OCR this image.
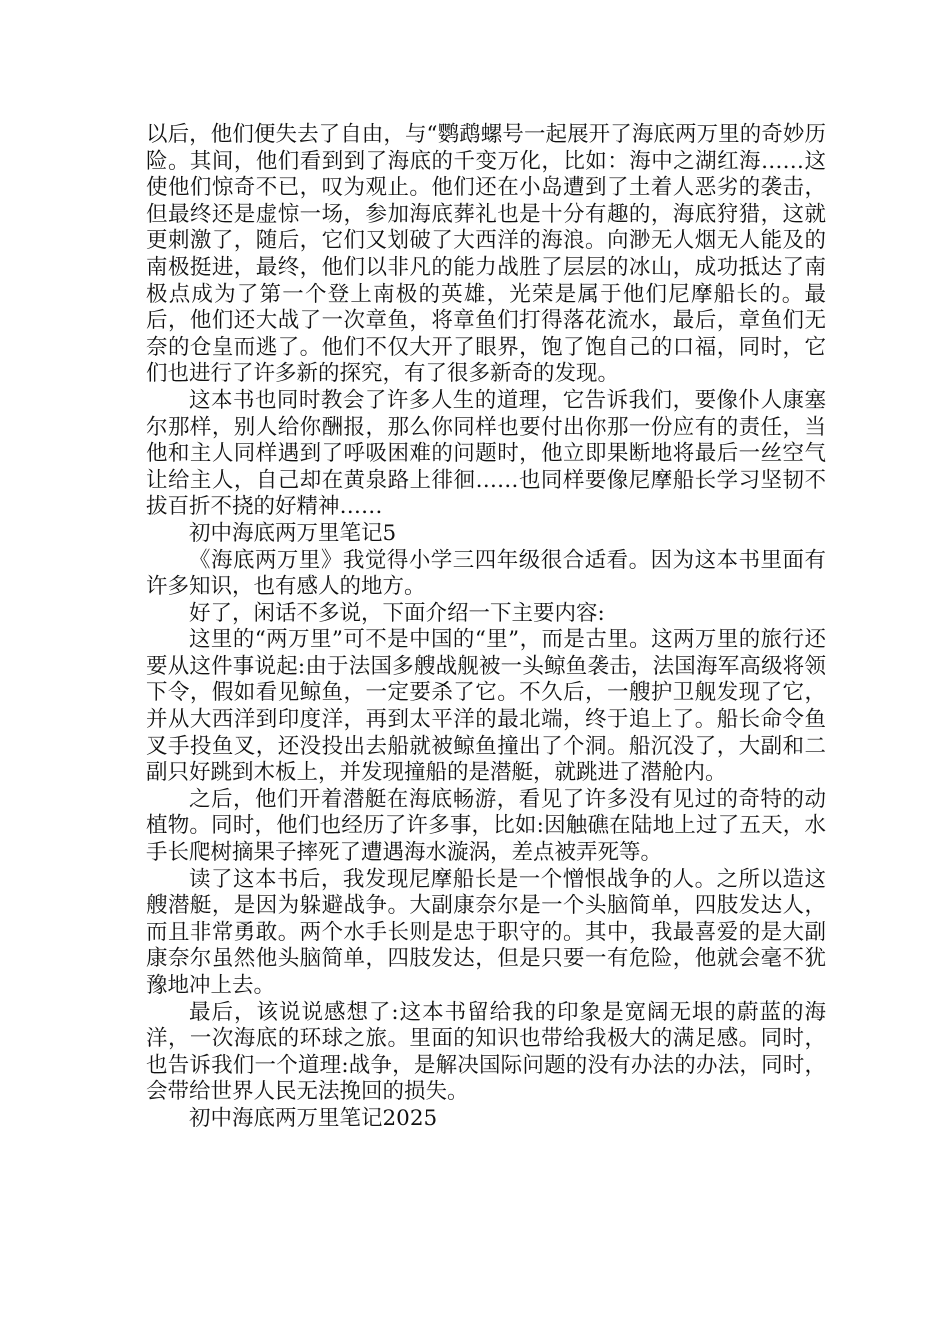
以后，他们便失去了自由，与“鹦鹉螺号一起展开了海底两万里的奇妙历险。其间，他们看到到了海底的千变万化，比如：海中之湖红海……这使他们惊奇不已，叹为观止。他们还在小岛遭到了土着人恶劣的袭击，但最终还是虚惊一场，参加海底葬礼也是十分有趣的，海底狩猎，这就更刺激了，随后，它们又划破了大西洋的海浪。向渺无人烟无人能及的南极挺进，最终，他们以非凡的能力战胜了层层的冰山，成功抵达了南极点成为了第一个登上南极的英雄，光荣是属于他们尼摩船长的。最后，他们还大战了一次章鱼，将章鱼们打得落花流水，最后，章鱼们无奈的仓皇而逃了。他们不仅大开了眼界，饱了饱自己的口福，同时，它们也进行了许多新的探究，有了很多新奇的发现。

这本书也同时教会了许多人生的道理，它告诉我们，要像仆人康塞尔那样，别人给你酬报，那么你同样也要付出你那一份应有的责任，当他和主人同样遇到了呼吸困难的问题时，他立即果断地将最后一丝空气让给主人，自己却在黄泉路上徘徊……也同样要像尼摩船长学习坚韧不拔百折不挠的好精神……

初中海底两万里笔记5

《海底两万里》我觉得小学三四年级很合适看。因为这本书里面有许多知识，也有感人的地方。

好了，闲话不多说，下面介绍一下主要内容:

这里的“两万里”可不是中国的“里”，而是古里。这两万里的旅行还要从这件事说起:由于法国多艘战舰被一头鲸鱼袭击，法国海军高级将领下令，假如看见鲸鱼，一定要杀了它。不久后，一艘护卫舰发现了它，并从大西洋到印度洋，再到太平洋的最北端，终于追上了。船长命令鱼叉手投鱼叉，还没投出去船就被鲸鱼撞出了个洞。船沉没了，大副和二副只好跳到木板上，并发现撞船的是潜艇，就跳进了潜舱内。

之后，他们开着潜艇在海底畅游，看见了许多没有见过的奇特的动植物。同时，他们也经历了许多事，比如:因触礁在陆地上过了五天，水手长爬树摘果子摔死了遭遇海水漩涡，差点被弄死等。

读了这本书后，我发现尼摩船长是一个憎恨战争的人。之所以造这艘潜艇，是因为躲避战争。大副康奈尔是一个头脑简单，四肢发达人，而且非常勇敢。两个水手长则是忠于职守的。其中，我最喜爱的是大副康奈尔虽然他头脑简单，四肢发达，但是只要一有危险，他就会毫不犹豫地冲上去。

最后，该说说感想了:这本书留给我的印象是宽阔无垠的蔚蓝的海洋，一次海底的环球之旅。里面的知识也带给我极大的满足感。同时，也告诉我们一个道理:战争，是解决国际问题的没有办法的办法，同时，会带给世界人民无法挽回的损失。

初中海底两万里笔记2025
